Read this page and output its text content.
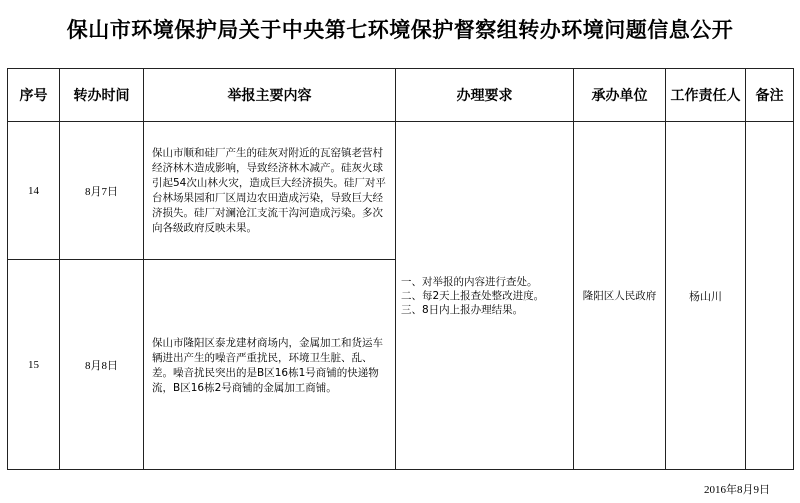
保山市环境保护局关于中央第七环境保护督察组转办环境问题信息公开
序号	转办时间	举报主要内容	办理要求	承办单位	工作责任人	备注
14	8月7日	保山市顺和硅厂产生的硅灰对附近的瓦窑镇老营村经济林木造成影响，导致经济林木减产。硅灰火球引起54次山林火灾，造成巨大经济损失。硅厂对平台林场果园和厂区周边农田造成污染，导致巨大经济损失。硅厂对澜沧江支流干沟河造成污染。多次向各级政府反映未果。	一、对举报的内容进行查处。
二、每2天上报查处整改进度。
三、8日内上报办理结果。	隆阳区人民政府	杨山川	
15	8月8日	保山市隆阳区泰龙建材商场内，金属加工和货运车辆进出产生的噪音严重扰民，环境卫生脏、乱、差。噪音扰民突出的是B区16栋1号商铺的快递物流，B区16栋2号商铺的金属加工商铺。				
2016年8月9日
